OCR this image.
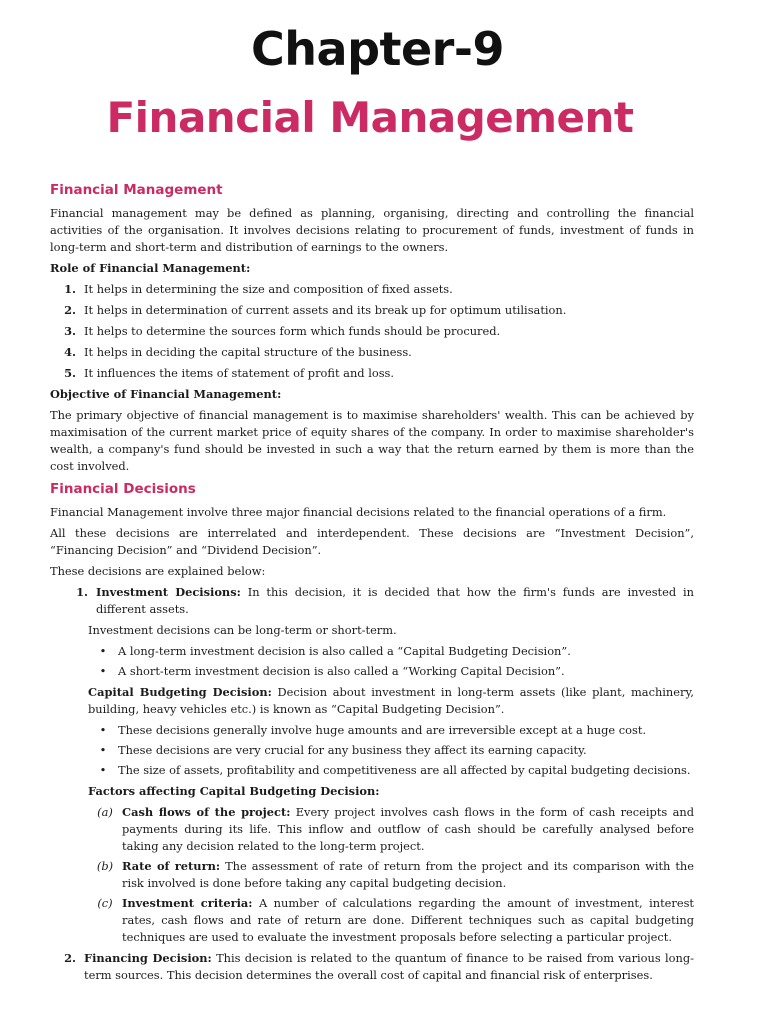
Chapter-9
Financial Management
Financial Management

Financial management may be defined as planning, organising, directing and controlling the financial activities of the organisation. It involves decisions relating to procurement of funds, investment of funds in long-term and short-term and distribution of earnings to the owners.

Role of Financial Management:
1. It helps in determining the size and composition of fixed assets.
2. It helps in determination of current assets and its break up for optimum utilisation.
3. It helps to determine the sources form which funds should be procured.
4. It helps in deciding the capital structure of the business.
5. It influences the items of statement of profit and loss.
Objective of Financial Management:

The primary objective of financial management is to maximise shareholders' wealth. This can be achieved by maximisation of the current market price of equity shares of the company. In order to maximise shareholder's wealth, a company's fund should be invested in such a way that the return earned by them is more than the cost involved.

Financial Decisions

Financial Management involve three major financial decisions related to the financial operations of a firm.

All these decisions are interrelated and interdependent. These decisions are “Investment Decision”, “Financing Decision” and “Dividend Decision”.

These decisions are explained below:

1. Investment Decisions: In this decision, it is decided that how the firm's funds are invested in different assets.

Investment decisions can be long-term or short-term.

•	A long-term investment decision is also called a “Capital Budgeting Decision”.
•	A short-term investment decision is also called a “Working Capital Decision”.

Capital Budgeting Decision: Decision about investment in long-term assets (like plant, machinery, building, heavy vehicles etc.) is known as “Capital Budgeting Decision”.

•	These decisions generally involve huge amounts and are irreversible except at a huge cost.
•	These decisions are very crucial for any business they affect its earning capacity.
•	The size of assets, profitability and competitiveness are all affected by capital budgeting decisions.
Factors affecting Capital Budgeting Decision:
(a) Cash flows of the project: Every project involves cash flows in the form of cash receipts and payments during its life. This inflow and outflow of cash should be carefully analysed before taking any decision related to the long-term project.
(b) Rate of return: The assessment of rate of return from the project and its comparison with the risk involved is done before taking any capital budgeting decision.
(c) Investment criteria: A number of calculations regarding the amount of investment, interest rates, cash flows and rate of return are done. Different techniques such as capital budgeting techniques are used to evaluate the investment proposals before selecting a particular project.
2. Financing Decision: This decision is related to the quantum of finance to be raised from various long-term sources. This decision determines the overall cost of capital and financial risk of enterprises.
